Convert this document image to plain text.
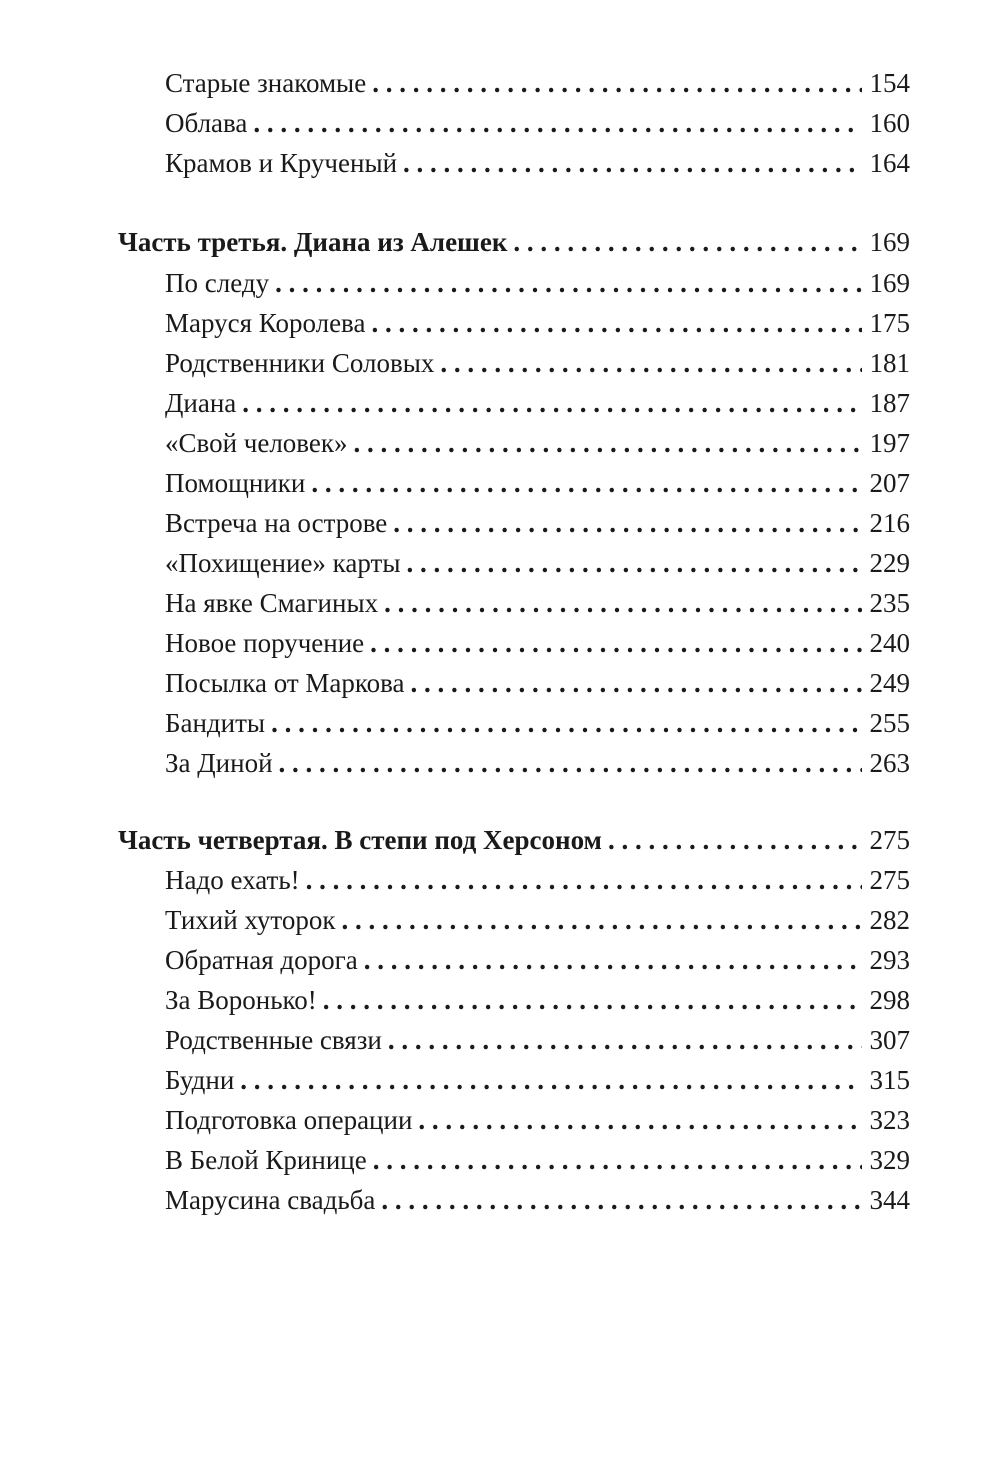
Старые знакомые . . .	154
Облава . . .	160
Крамов и Крученый . . .	164
Часть третья. Диана из Алешек . . .	169
По следу . . .	169
Маруся Королева . . .	175
Родственники Соловых . . .	181
Диана . . .	187
«Свой человек» . . .	197
Помощники . . .	207
Встреча на острове . . .	216
«Похищение» карты . . .	229
На явке Смагиных . . .	235
Новое поручение . . .	240
Посылка от Маркова . . .	249
Бандиты . . .	255
За Диной . . .	263
Часть четвертая. В степи под Херсоном . . .	275
Надо ехать! . . .	275
Тихий хуторок . . .	282
Обратная дорога . . .	293
За Воронько! . . .	298
Родственные связи . . .	307
Будни . . .	315
Подготовка операции . . .	323
В Белой Кринице . . .	329
Марусина свадьба . . .	344
